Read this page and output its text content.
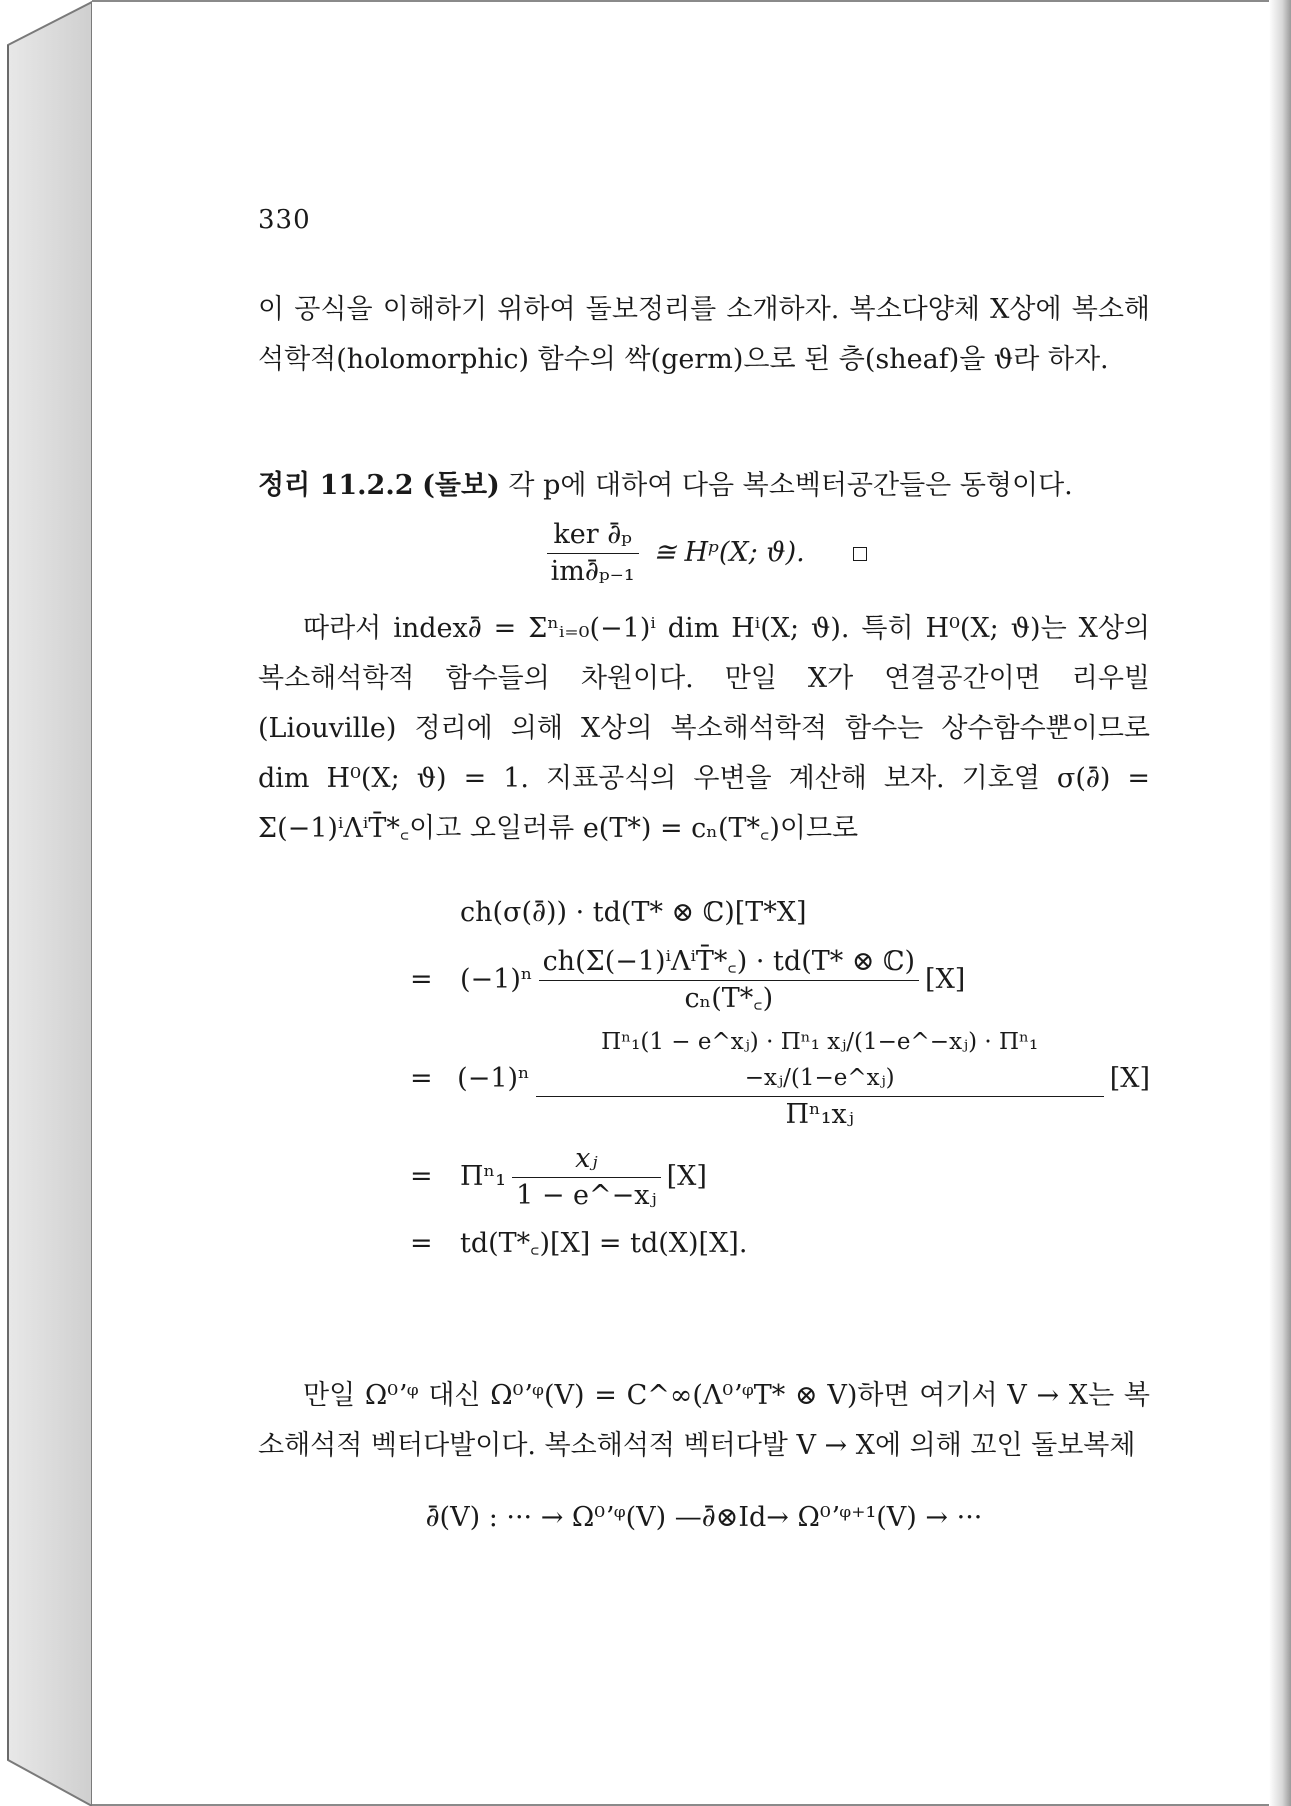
330

이 공식을 이해하기 위하여 돌보정리를 소개하자. 복소다양체 X상에 복소해석학적(holomorphic) 함수의 싹(germ)으로 된 층(sheaf)을 ϑ라 하자.

정리 11.2.2 (돌보) 각 p에 대하여 다음 복소벡터공간들은 동형이다.

$\frac{\text{ker ∂̄ₚ}}{\text{im∂̄ₚ₋₁}}$ ≅ Hᵖ(X; ϑ).

따라서 index∂̄ = Σⁿᵢ₌₀(−1)ⁱ dim Hⁱ(X; ϑ). 특히 H⁰(X; ϑ)는 X상의 복소해석학적 함수들의 차원이다. 만일 X가 연결공간이면 리우빌(Liouville) 정리에 의해 X상의 복소해석학적 함수는 상수함수뿐이므로 dim H⁰(X; ϑ) = 1. 지표공식의 우변을 계산해 보자. 기호열 σ(∂̄) = Σ(−1)ⁱΛⁱT̄*꜀이고 오일러류 e(T*) = cₙ(T*꜀)이므로

ch(σ(∂̄)) · td(T* ⊗ ℂ)[T*X]
=	$(-1)^n \frac{\text{ch(Σ(−1)ⁱΛⁱT̄*꜀) · td(T* ⊗ ℂ)}}{\text{cₙ(T*꜀)}} [X]$
= $(-1)^n \frac{\text{Πⁿ₁(1 − e\textasciicircum{}xⱼ) · Πⁿ₁ xⱼ/(1−e\textasciicircum{}−xⱼ) · Πⁿ₁ −xⱼ/(1−e\textasciicircum{}xⱼ)}}{\text{Πⁿ₁xⱼ}} [X]$
=	$\Pi^n_1 \frac{\text{xⱼ}}{\text{1 − e\textasciicircum{}−xⱼ}} [X]$
=	td(T*꜀)[X] = td(X)[X].

만일 Ω⁰ʼᵠ 대신 Ω⁰ʼᵠ(V) = C^∞(Λ⁰ʼᵠT* ⊗ V)하면 여기서 V → X는 복소해석적 벡터다발이다. 복소해석적 벡터다발 V → X에 의해 꼬인 돌보복체

∂̄(V) : ··· → Ω⁰ʼᵠ(V) —∂̄⊗Id→ Ω⁰ʼᵠ⁺¹(V) → ···
